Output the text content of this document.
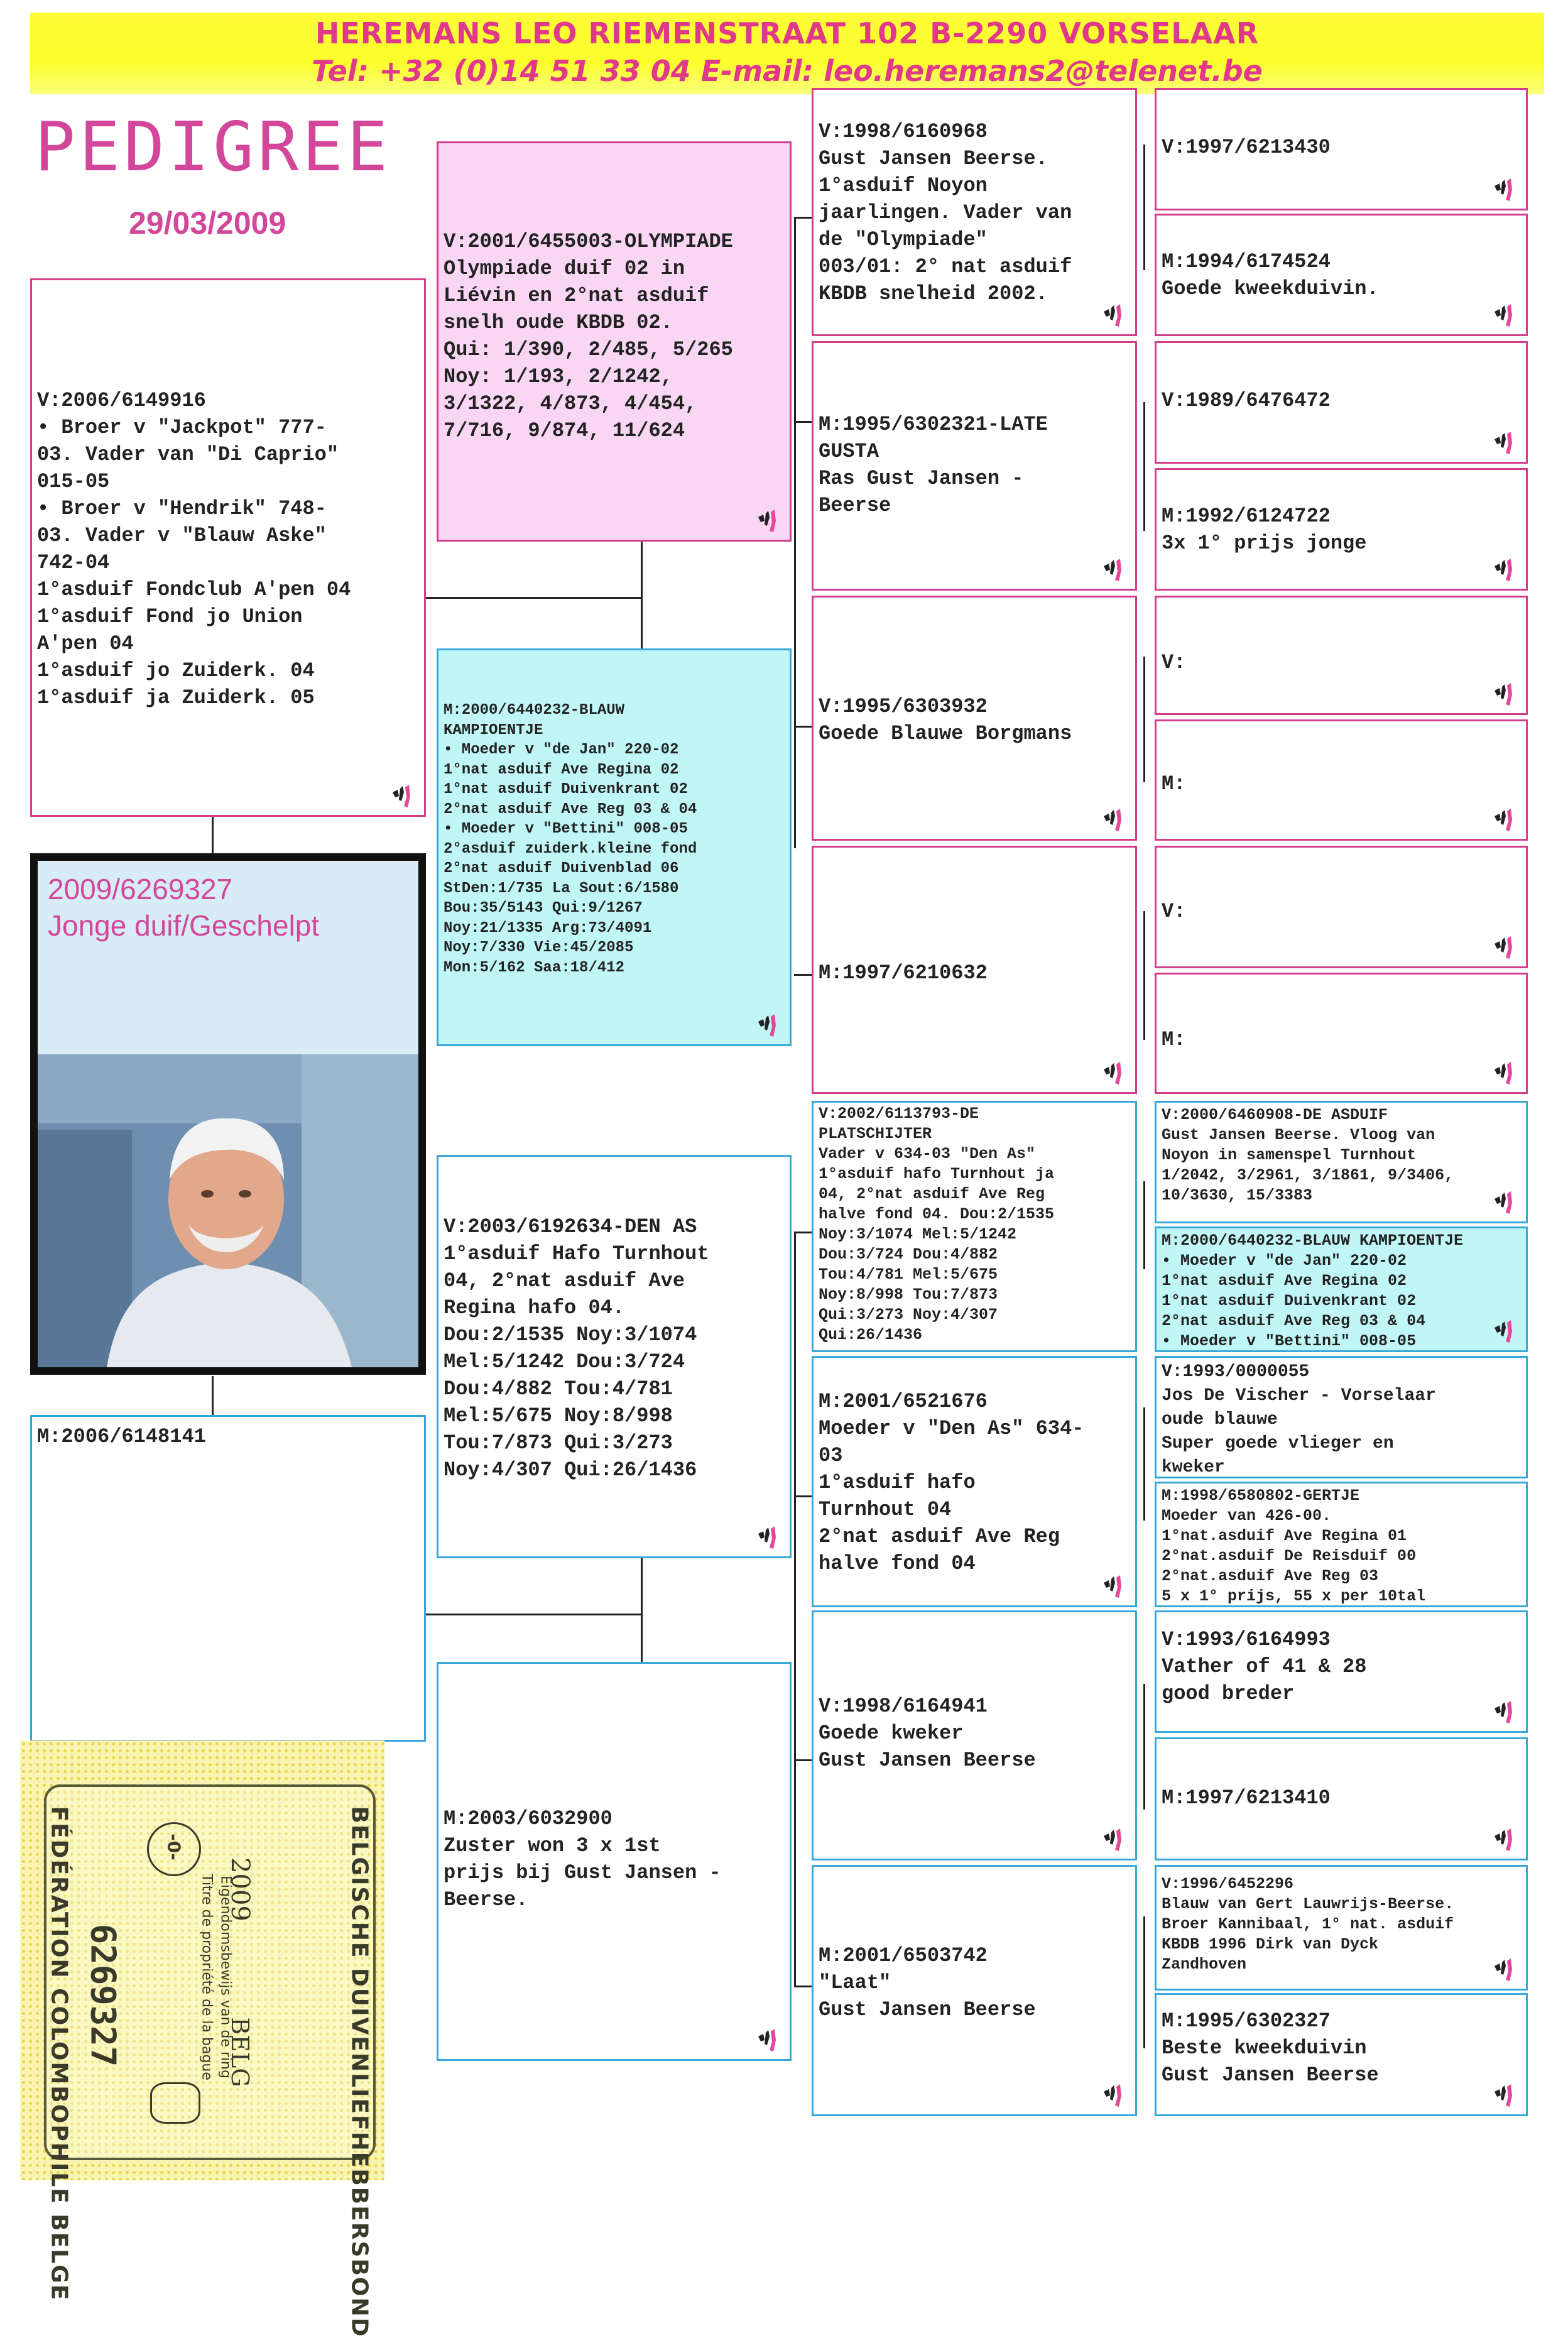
HEREMANS LEO RIEMENSTRAAT 102 B-2290 VORSELAAR
Tel: +32 (0)14 51 33 04 E-mail: leo.heremans2@telenet.be
PEDIGREE
29/03/2009
V:2006/6149916
• Broer v "Jackpot" 777-
03. Vader van "Di Caprio"
015-05
• Broer v "Hendrik" 748-
03. Vader v "Blauw Aske"
742-04
1°asduif Fondclub A'pen 04
1°asduif Fond jo Union
A'pen 04
1°asduif jo Zuiderk. 04
1°asduif ja Zuiderk. 05
M:2006/6148141
2009/6269327
Jonge duif/Geschelpt
V:2001/6455003-OLYMPIADE
Olympiade duif 02 in
Liévin en 2°nat asduif
snelh oude KBDB 02.
Qui: 1/390, 2/485, 5/265
Noy: 1/193, 2/1242,
3/1322, 4/873, 4/454,
7/716, 9/874, 11/624
M:2000/6440232-BLAUW
KAMPIOENTJE
• Moeder v "de Jan" 220-02
1°nat asduif Ave Regina 02
1°nat asduif Duivenkrant 02
2°nat asduif Ave Reg 03 & 04
• Moeder v "Bettini" 008-05
2°asduif zuiderk.kleine fond
2°nat asduif Duivenblad 06
StDen:1/735 La Sout:6/1580
Bou:35/5143 Qui:9/1267
Noy:21/1335 Arg:73/4091
Noy:7/330 Vie:45/2085
Mon:5/162 Saa:18/412
V:2003/6192634-DEN AS
1°asduif Hafo Turnhout
04, 2°nat asduif Ave
Regina hafo 04.
Dou:2/1535 Noy:3/1074
Mel:5/1242 Dou:3/724
Dou:4/882 Tou:4/781
Mel:5/675 Noy:8/998
Tou:7/873 Qui:3/273
Noy:4/307 Qui:26/1436
M:2003/6032900
Zuster won 3 x 1st
prijs bij Gust Jansen -
Beerse.
V:1998/6160968
Gust Jansen Beerse.
1°asduif Noyon
jaarlingen. Vader van
de "Olympiade"
003/01: 2° nat asduif
KBDB snelheid 2002.
M:1995/6302321-LATE
GUSTA
Ras Gust Jansen -
Beerse
V:1995/6303932
Goede Blauwe Borgmans
M:1997/6210632
V:2002/6113793-DE
PLATSCHIJTER
Vader v 634-03 "Den As"
1°asduif hafo Turnhout ja
04, 2°nat asduif Ave Reg
halve fond 04. Dou:2/1535
Noy:3/1074 Mel:5/1242
Dou:3/724 Dou:4/882
Tou:4/781 Mel:5/675
Noy:8/998 Tou:7/873
Qui:3/273 Noy:4/307
Qui:26/1436
M:2001/6521676
Moeder v "Den As" 634-
03
1°asduif hafo
Turnhout 04
2°nat asduif Ave Reg
halve fond 04
V:1998/6164941
Goede kweker
Gust Jansen Beerse
M:2001/6503742
"Laat"
Gust Jansen Beerse
V:1997/6213430
M:1994/6174524
Goede kweekduivin.
V:1989/6476472
M:1992/6124722
3x 1° prijs jonge
V:
M:
V:
M:
V:2000/6460908-DE ASDUIF
Gust Jansen Beerse. Vloog van
Noyon in samenspel Turnhout
1/2042, 3/2961, 3/1861, 9/3406,
10/3630, 15/3383
M:2000/6440232-BLAUW KAMPIOENTJE
• Moeder v "de Jan" 220-02
1°nat asduif Ave Regina 02
1°nat asduif Duivenkrant 02
2°nat asduif Ave Reg 03 & 04
• Moeder v "Bettini" 008-05
V:1993/0000055
Jos De Vischer - Vorselaar
oude blauwe
Super goede vlieger en
kweker
M:1998/6580802-GERTJE
Moeder van 426-00.
1°nat.asduif Ave Regina 01
2°nat.asduif De Reisduif 00
2°nat.asduif Ave Reg 03
5 x 1° prijs, 55 x per 10tal
V:1993/6164993
Vather of 41 & 28
good breder
M:1997/6213410
V:1996/6452296
Blauw van Gert Lauwrijs-Beerse.
Broer Kannibaal, 1° nat. asduif
KBDB 1996 Dirk van Dyck
Zandhoven
M:1995/6302327
Beste kweekduivin
Gust Jansen Beerse
FÉDÉRATION COLOMBOPHILE BELGE	BELGISCHE DUIVENLIEFHEBBERSBOND
6269327
2009
BELG
Eigendomsbewijs van de ring
Titre de propriété de la bague
-0-
